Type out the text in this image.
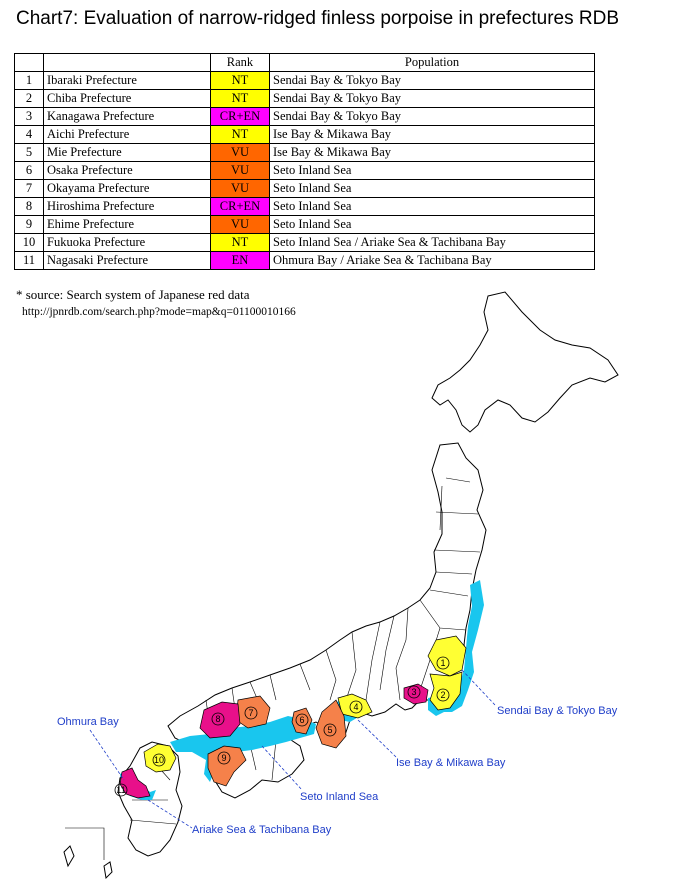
Chart7: Evaluation of narrow-ridged finless porpoise in prefectures RDB
		Rank	Population
1	Ibaraki Prefecture	NT	Sendai Bay & Tokyo Bay
2	Chiba Prefecture	NT	Sendai Bay & Tokyo Bay
3	Kanagawa Prefecture	CR+EN	Sendai Bay & Tokyo Bay
4	Aichi Prefecture	NT	Ise Bay & Mikawa Bay
5	Mie Prefecture	VU	Ise Bay & Mikawa Bay
6	Osaka Prefecture	VU	Seto Inland Sea
7	Okayama Prefecture	VU	Seto Inland Sea
8	Hiroshima Prefecture	CR+EN	Seto Inland Sea
9	Ehime Prefecture	VU	Seto Inland Sea
10	Fukuoka Prefecture	NT	Seto Inland Sea / Ariake Sea & Tachibana Bay
11	Nagasaki Prefecture	EN	Ohmura Bay / Ariake Sea & Tachibana Bay
* source: Search system of Japanese red data
http://jpnrdb.com/search.php?mode=map&q=01100010166
1
2
3
4
5
6
7
8
9
10
11
Sendai Bay & Tokyo Bay
Ise Bay & Mikawa Bay
Seto Inland Sea
Ariake Sea & Tachibana Bay
Ohmura Bay
